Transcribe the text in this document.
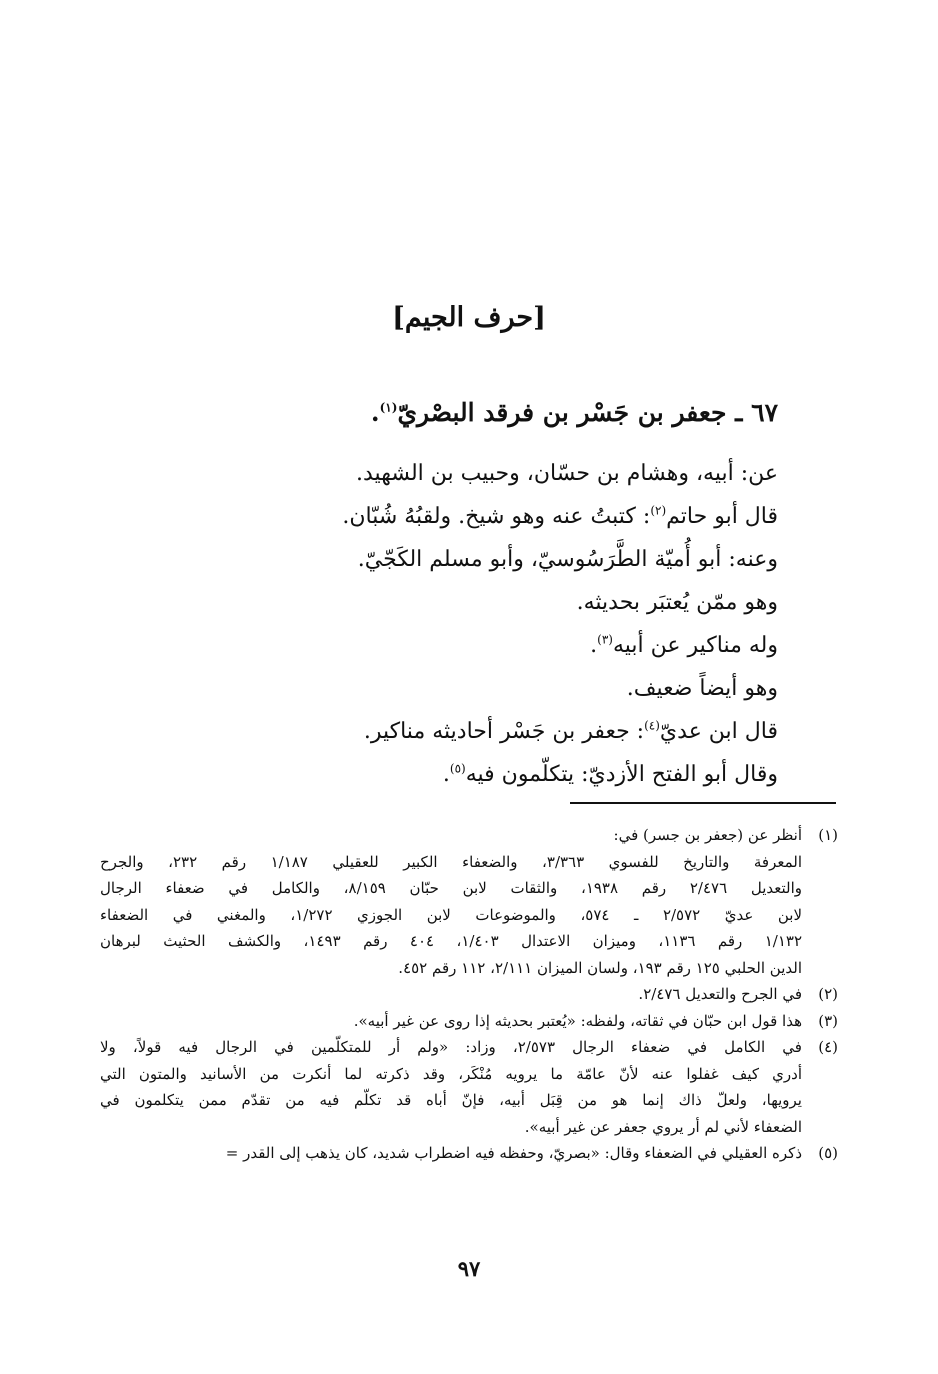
[حرف الجيم]
٦٧ ـ جعفر بن جَسْر بن فرقد البصْريّ$^{(١)}$.
عن: أبيه، وهشام بن حسّان، وحبيب بن الشهيد.
قال أبو حاتم$^{(٢)}$: كتبتُ عنه وهو شيخ. ولقبُهُ شُبّان.
وعنه: أبو أُميّة الطَّرَسُوسيّ، وأبو مسلم الكَجّيّ.
وهو ممّن يُعتبَر بحديثه.
وله مناكير عن أبيه$^{(٣)}$.
وهو أيضاً ضعيف.
قال ابن عديّ$^{(٤)}$: جعفر بن جَسْر أحاديثه مناكير.
وقال أبو الفتح الأزديّ: يتكلّمون فيه$^{(٥)}$.
(١)
أنظر عن (جعفر بن جسر) في:
المعرفة والتاريخ للفسوي ٣/٣٦٣، والضعفاء الكبير للعقيلي ١/١٨٧ رقم ٢٣٢، والجرح
والتعديل ٢/٤٧٦ رقم ١٩٣٨، والثقات لابن حبّان ٨/١٥٩، والكامل في ضعفاء الرجال
لابن عديّ ٢/٥٧٢ ـ ٥٧٤، والموضوعات لابن الجوزي ١/٢٧٢، والمغني في الضعفاء
١/١٣٢ رقم ١١٣٦، وميزان الاعتدال ١/٤٠٣، ٤٠٤ رقم ١٤٩٣، والكشف الحثيث لبرهان
الدين الحلبي ١٢٥ رقم ١٩٣، ولسان الميزان ٢/١١١، ١١٢ رقم ٤٥٢.
(٢)
في الجرح والتعديل ٢/٤٧٦.
(٣)
هذا قول ابن حبّان في ثقاته، ولفظه: «يُعتبر بحديثه إذا روى عن غير أبيه».
(٤)
في الكامل في ضعفاء الرجال ٢/٥٧٣، وزاد: «ولم أر للمتكلّمين في الرجال فيه قولاً، ولا
أدري كيف غفلوا عنه لأنّ عامّة ما يرويه مُنْكَر، وقد ذكرته لما أنكرت من الأسانيد والمتون التي
يرويها، ولعلّ ذاك إنما هو من قِبَل أبيه، فإنّ أباه قد تكلّم فيه من تقدّم ممن يتكلمون في
الضعفاء لأني لم أر يروي جعفر عن غير أبيه».
(٥)
ذكره العقيلي في الضعفاء وقال: «بصريّ، وحفظه فيه اضطراب شديد، كان يذهب إلى القدر =
٩٧
